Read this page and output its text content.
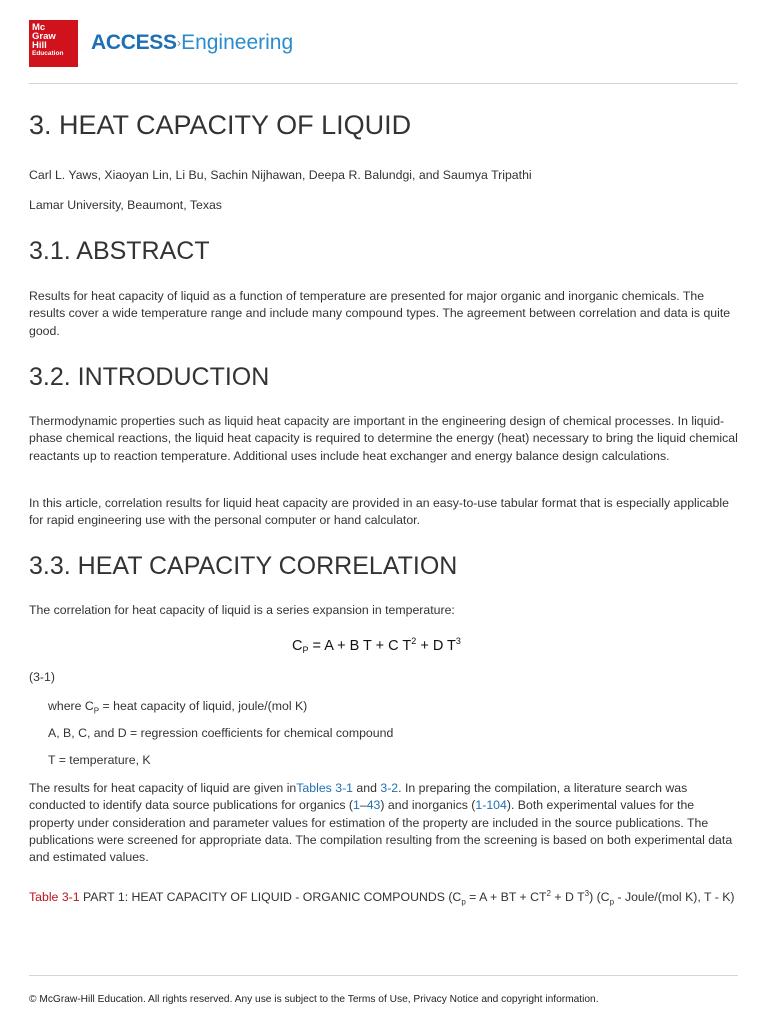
Mc
Graw
Hill

Education	ACCESS›Engineering
3. HEAT CAPACITY OF LIQUID
Carl L. Yaws, Xiaoyan Lin, Li Bu, Sachin Nijhawan, Deepa R. Balundgi, and Saumya Tripathi
Lamar University, Beaumont, Texas
3.1. ABSTRACT
Results for heat capacity of liquid as a function of temperature are presented for major organic and inorganic chemicals. The results cover a wide temperature range and include many compound types. The agreement between correlation and data is quite good.
3.2. INTRODUCTION
Thermodynamic properties such as liquid heat capacity are important in the engineering design of chemical processes. In liquid-phase chemical reactions, the liquid heat capacity is required to determine the energy (heat) necessary to bring the liquid chemical reactants up to reaction temperature. Additional uses include heat exchanger and energy balance design calculations.
In this article, correlation results for liquid heat capacity are provided in an easy-to-use tabular format that is especially applicable for rapid engineering use with the personal computer or hand calculator.
3.3. HEAT CAPACITY CORRELATION
The correlation for heat capacity of liquid is a series expansion in temperature:
$C_P = A + B$ T + C $T^2 + D$ $T^3$
(3-1)
where $C_P$ = heat capacity of liquid, joule/(mol K)
A, B, C, and D = regression coefficients for chemical compound
T = temperature, K
The results for heat capacity of liquid are given inTables 3-1 and 3-2. In preparing the compilation, a literature search was conducted to identify data source publications for organics (1–43) and inorganics (1-104). Both experimental values for the property under consideration and parameter values for estimation of the property are included in the source publications. The publications were screened for appropriate data. The compilation resulting from the screening is based on both experimental data and estimated values.
Table 3-1 PART 1: HEAT CAPACITY OF LIQUID - ORGANIC COMPOUNDS ($C_p = A$ + BT + $CT^2 + D$ $T^3$) ($C_p$ - Joule/(mol K), T - K)
© McGraw-Hill Education. All rights reserved. Any use is subject to the Terms of Use, Privacy Notice and copyright information.
